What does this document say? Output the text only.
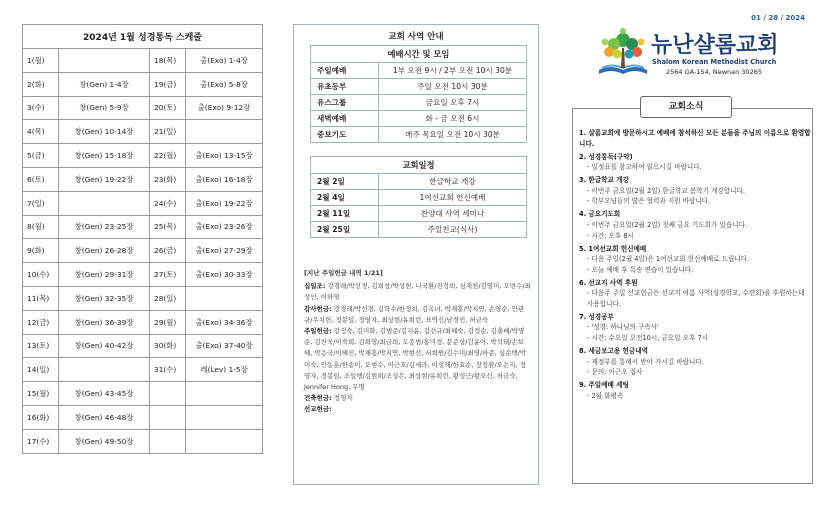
2024년 1월 성경통독 스케줄			
1(월)		18(목)	출(Exo) 1-4장
2(화)	창(Gen) 1-4장	19(금)	출(Exo) 5-8장
3(수)	창(Gen) 5-9장	20(토)	출(Exo) 9-12장
4(목)	창(Gen) 10-14장	21(일)	
5(금)	창(Gen) 15-18장	22(월)	출(Exo) 13-15장
6(토)	창(Gen) 19-22장	23(화)	출(Exo) 16-18장
7(일)		24(수)	출(Exo) 19-22장
8(월)	창(Gen) 23-25장	25(목)	출(Exo) 23-26장
9(화)	창(Gen) 26-28장	26(금)	출(Exo) 27-29장
10(수)	창(Gen) 29-31장	27(토)	출(Exo) 30-33장
11(목)	창(Gen) 32-35장	28(일)	
12(금)	창(Gen) 36-39장	29(월)	출(Exo) 34-36장
13(토)	창(Gen) 40-42장	30(화)	출(Exo) 37-40장
14(일)		31(수)	레(Lev) 1-5장
15(월)	창(Gen) 43-45장		
16(화)	창(Gen) 46-48장		
17(수)	창(Gen) 49-50장		
교회 사역 안내
예배시간 및 모임	
주일예배	1부 오전 9시 / 2부 오전 10시 30분
유초등부	주일 오전 10시 30분
유스그룹	금요일 오후 7시
새벽예배	화 - 금 오전 6시
중보기도	매주 목요일 오전 10시 30분
교회일정	
2월 2일	한글학교 개강
2월 4일	1여선교회 헌신예배
2월 11일	찬양대 사역 세미나
2월 25일	주일친교(식사)
[지난 주일헌금 내역 1/21]
십일조: 강경래/박선경, 김희창/박성현, 나국환/진정희, 심재천/김영미, 오면수/최성인, 이하영
감사헌금: 강경래/박선경, 김학수/한정희, 김옥녀, 박재홍/박지연, 손영순, 안관규/우치헌, 정봉임, 정영자, 최상현/유희린, 표역신/남경민, 허금숙
주일헌금: 강정숙, 김미화, 김범준/김지윤, 김선규/최혜숙, 김정순, 김충배/박명순, 김찬욱/이숙희, 김희영/최금희, 도종범/홍미경, 문준상/김윤아, 박석태/손보혜, 박응국/이혜진, 박재홍/박지연, 박현선, 서희원/김수미/최영/하준, 심순택/박미숙, 안동훈/한송이, 오범수, 이근호/김세라, 이성재/한효순, 장정환/오은지, 정영자, 정봉임, 조일행/김현희/조성은, 최상현/유희린, 황성근/황오신, 허금숙, Jennifer Hong, 무명
건축헌금: 정영자
선교헌금:
01 / 28 / 2024
뉴난샬롬교회
Shalom Korean Methodist Church
2564 GA-154, Newnan 30265
교회소식
1. 샬롬교회에 방문하시고 예배에 참석하신 모든 분들을 주님의 이름으로 환영합니다.
2. 성경통독(구약)
- 일정표를 참고하여 읽으시길 바랍니다.
3. 한글학교 개강
- 이번주 금요일(2월 2일) 한글학교 봄학기 개강합니다.
- 학부모님들의 많은 협력과 지원 바랍니다.
4. 금요기도회
- 이번주 금요일(2월 2일) 첫째 금요 기도회가 있습니다.
- 시간: 오후 8시
5. 1여선교회 헌신예배
- 다음 주일(2월 4일)은 1여선교회 헌신예배로 드립니다.
- 오늘 예배 후 특송 연습이 있습니다.
6. 선교지 사역 후원
- 다음주 주일 선교헌금은 선교지 여름 사역(성경학교, 수련회)을 후원하는데 사용합니다.
7. 성경공부
- '성경: 하나님의 구속사'
- 시간: 수요일 오전10시, 금요일 오후 7시
8. 세금보고용 헌금내역
- 재정부를 통해서 받아 가시길 바랍니다.
- 문의: 이근오 집사
9. 주일예배 세팅
- 2월 화평속
